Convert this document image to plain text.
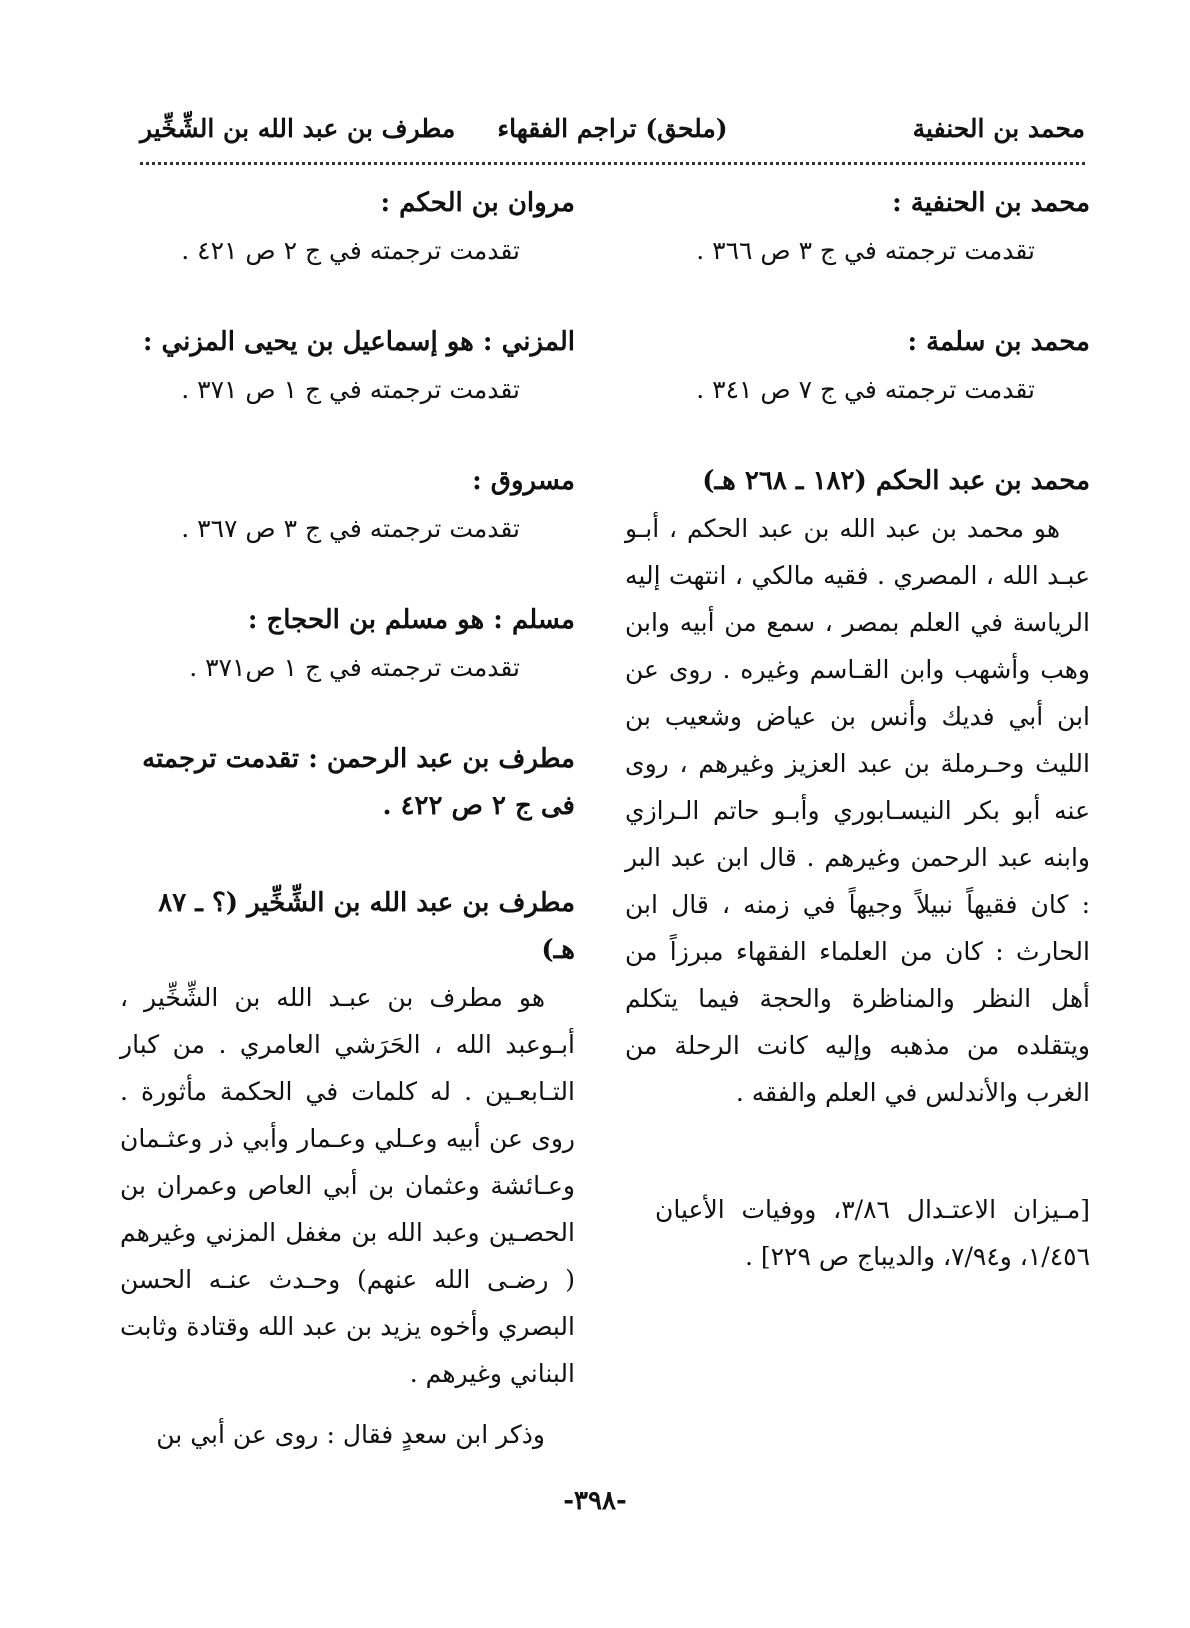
محمد بن الحنفية
(ملحق) تراجم الفقهاء
مطرف بن عبد الله بن الشِّخِّير
محمد بن الحنفية :

تقدمت ترجمته في ج ٣ ص ٣٦٦ .

محمد بن سلمة :

تقدمت ترجمته في ج ٧ ص ٣٤١ .

محمد بن عبد الحكم (١٨٢ ـ ٢٦٨ هـ)

هو محمد بن عبد الله بن عبد الحكم ، أبـو عبـد الله ، المصري . فقيه مالكي ، انتهت إليه الرياسة في العلم بمصر ، سمع من أبيه وابن وهب وأشهب وابن القـاسم وغيره . روى عن ابن أبي فديك وأنس بن عياض وشعيب بن الليث وحـرملة بن عبد العزيز وغيرهم ، روى عنه أبو بكر النيسـابوري وأبـو حاتم الـرازي وابنه عبد الرحمن وغيرهم . قال ابن عبد البر : كان فقيهاً نبيلاً وجيهاً في زمنه ، قال ابن الحارث : كان من العلماء الفقهاء مبرزاً من أهل النظر والمناظرة والحجة فيما يتكلم ويتقلده من مذهبه وإليه كانت الرحلة من الغرب والأندلس في العلم والفقه .

[مـيزان الاعتـدال ٣/٨٦، ووفيات الأعيان ١/٤٥٦، و٧/٩٤، والديباج ص ٢٢٩] .

مروان بن الحكم :

تقدمت ترجمته في ج ٢ ص ٤٢١ .

المزني : هو إسماعيل بن يحيى المزني :

تقدمت ترجمته في ج ١ ص ٣٧١ .

مسروق :

تقدمت ترجمته في ج ٣ ص ٣٦٧ .

مسلم : هو مسلم بن الحجاج :

تقدمت ترجمته في ج ١ ص٣٧١ .

مطرف بن عبد الرحمن : تقدمت ترجمته فى ج ٢ ص ٤٢٢ .
مطرف بن عبد الله بن الشِّخِّير (؟ ـ ٨٧ هـ)

هو مطرف بن عبـد الله بن الشِّخِّير ، أبـوعبد الله ، الحَرَشي العامري . من كبار التـابعـين . له كلمات في الحكمة مأثورة . روى عن أبيه وعـلي وعـمار وأبي ذر وعثـمان وعـائشة وعثمان بن أبي العاص وعمران بن الحصـين وعبد الله بن مغفل المزني وغيرهم ( رضـى الله عنهم) وحـدث عنـه الحسن البصري وأخوه يزيد بن عبد الله وقتادة وثابت البناني وغيرهم .

وذكر ابن سعدٍ فقال : روى عن أبي بن

-٣٩٨-
